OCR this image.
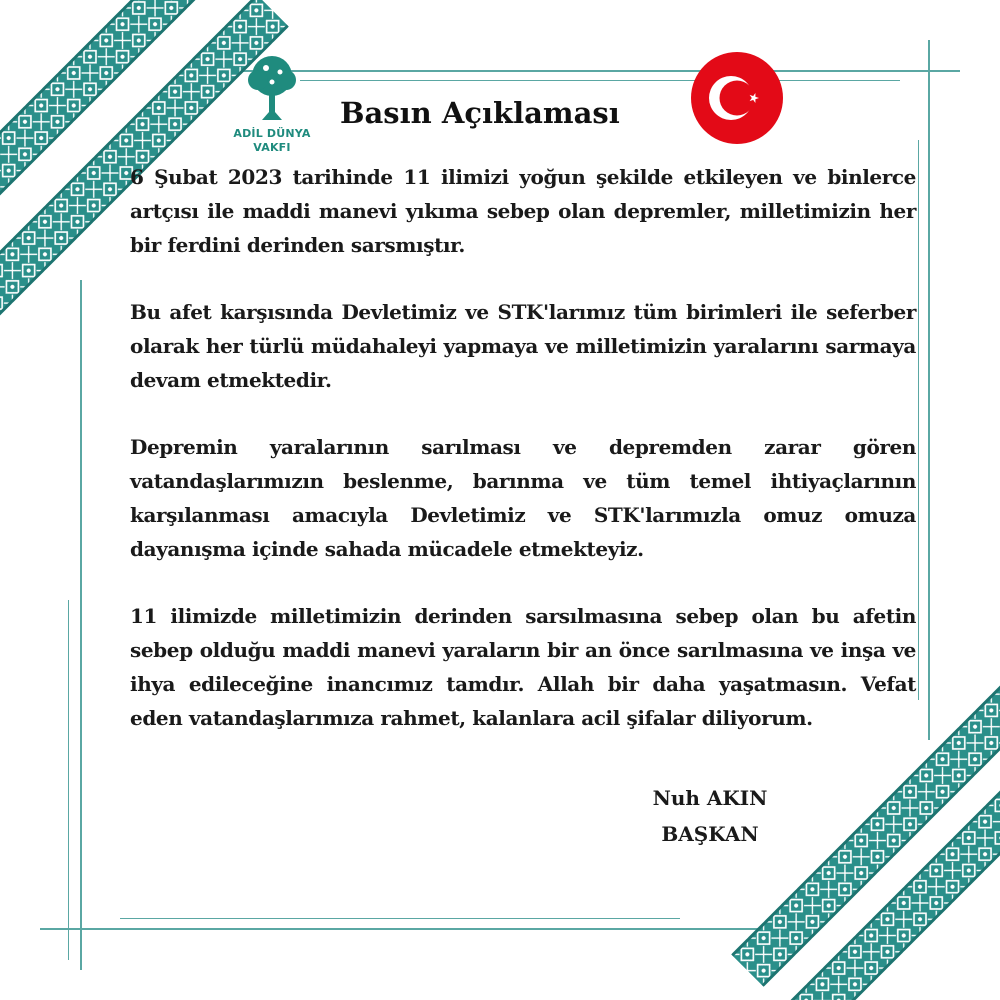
ADİL DÜNYA
VAKFI
Basın Açıklaması

6 Şubat 2023 tarihinde 11 ilimizi yoğun şekilde etkileyen ve binlerce artçısı ile maddi manevi yıkıma sebep olan depremler, milletimizin her bir ferdini derinden sarsmıştır.

Bu afet karşısında Devletimiz ve STK'larımız tüm birimleri ile seferber olarak her türlü müdahaleyi yapmaya ve milletimizin yaralarını sarmaya devam etmektedir.

Depremin yaralarının sarılması ve depremden zarar gören vatandaşlarımızın beslenme, barınma ve tüm temel ihtiyaçlarının karşılanması amacıyla Devletimiz ve STK'larımızla omuz omuza dayanışma içinde sahada mücadele etmekteyiz.

11 ilimizde milletimizin derinden sarsılmasına sebep olan bu afetin sebep olduğu maddi manevi yaraların bir an önce sarılmasına ve inşa ve ihya edileceğine inancımız tamdır. Allah bir daha yaşatmasın. Vefat eden vatandaşlarımıza rahmet, kalanlara acil şifalar diliyorum.

Nuh AKIN
BAŞKAN
